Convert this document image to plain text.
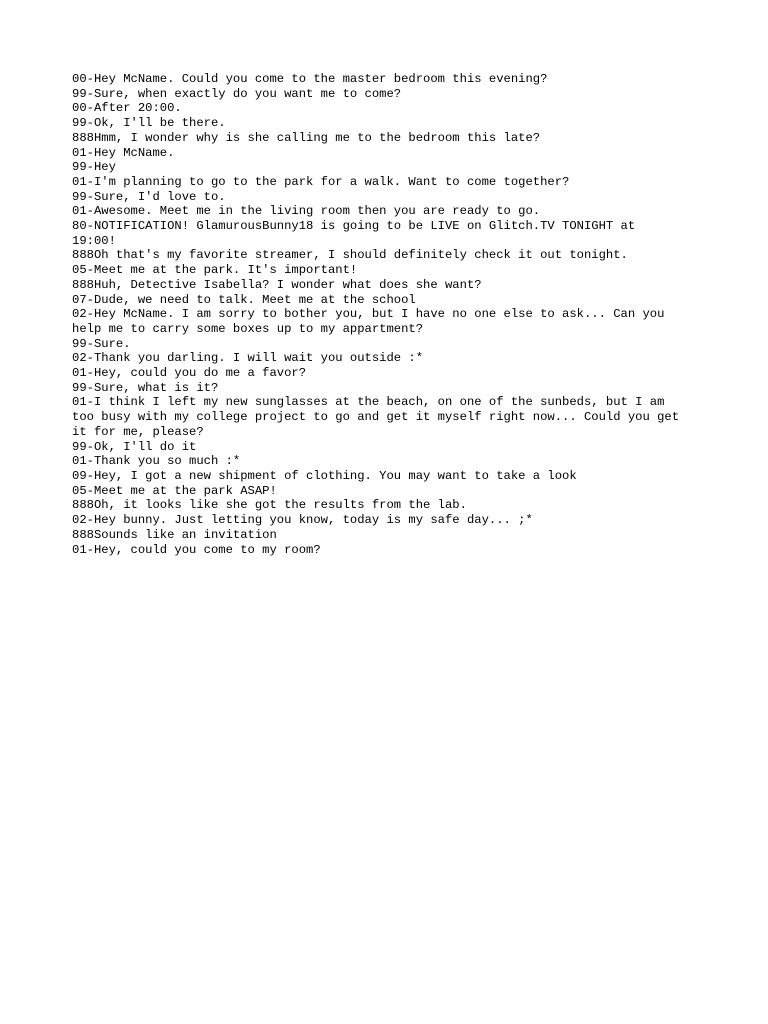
00-Hey McName. Could you come to the master bedroom this evening?

99-Sure, when exactly do you want me to come?

00-After 20:00.

99-Ok, I'll be there.

888Hmm, I wonder why is she calling me to the bedroom this late?

01-Hey McName.

99-Hey

01-I'm planning to go to the park for a walk. Want to come together?

99-Sure, I'd love to.

01-Awesome. Meet me in the living room then you are ready to go.

80-NOTIFICATION! GlamurousBunny18 is going to be LIVE on Glitch.TV TONIGHT at

19:00!

888Oh that's my favorite streamer, I should definitely check it out tonight.

05-Meet me at the park. It's important!

888Huh, Detective Isabella? I wonder what does she want?

07-Dude, we need to talk. Meet me at the school

02-Hey McName. I am sorry to bother you, but I have no one else to ask... Can you

help me to carry some boxes up to my appartment?

99-Sure.

02-Thank you darling. I will wait you outside :*

01-Hey, could you do me a favor?

99-Sure, what is it?

01-I think I left my new sunglasses at the beach, on one of the sunbeds, but I am

too busy with my college project to go and get it myself right now... Could you get

it for me, please?

99-Ok, I'll do it

01-Thank you so much :*

09-Hey, I got a new shipment of clothing. You may want to take a look

05-Meet me at the park ASAP!

888Oh, it looks like she got the results from the lab.

02-Hey bunny. Just letting you know, today is my safe day... ;*

888Sounds like an invitation

01-Hey, could you come to my room?
